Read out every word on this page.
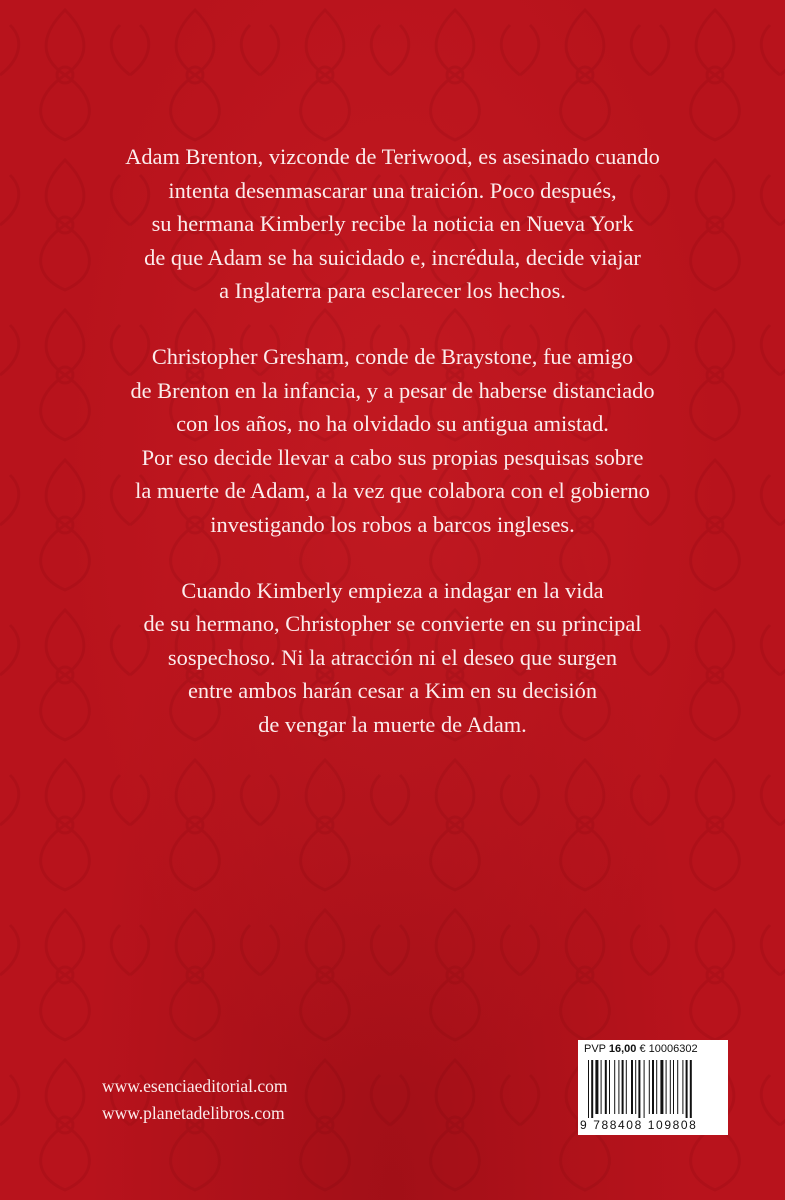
Adam Brenton, vizconde de Teriwood, es asesinado cuando
intenta desenmascarar una traición. Poco después,
su hermana Kimberly recibe la noticia en Nueva York
de que Adam se ha suicidado e, incrédula, decide viajar
a Inglaterra para esclarecer los hechos.

Christopher Gresham, conde de Braystone, fue amigo
de Brenton en la infancia, y a pesar de haberse distanciado
con los años, no ha olvidado su antigua amistad.
Por eso decide llevar a cabo sus propias pesquisas sobre
la muerte de Adam, a la vez que colabora con el gobierno
investigando los robos a barcos ingleses.

Cuando Kimberly empieza a indagar en la vida
de su hermano, Christopher se convierte en su principal
sospechoso. Ni la atracción ni el deseo que surgen
entre ambos harán cesar a Kim en su decisión
de vengar la muerte de Adam.

www.esenciaeditorial.com
www.planetadelibros.com
PVP 16,00 € 10006302
9 788408 109808
